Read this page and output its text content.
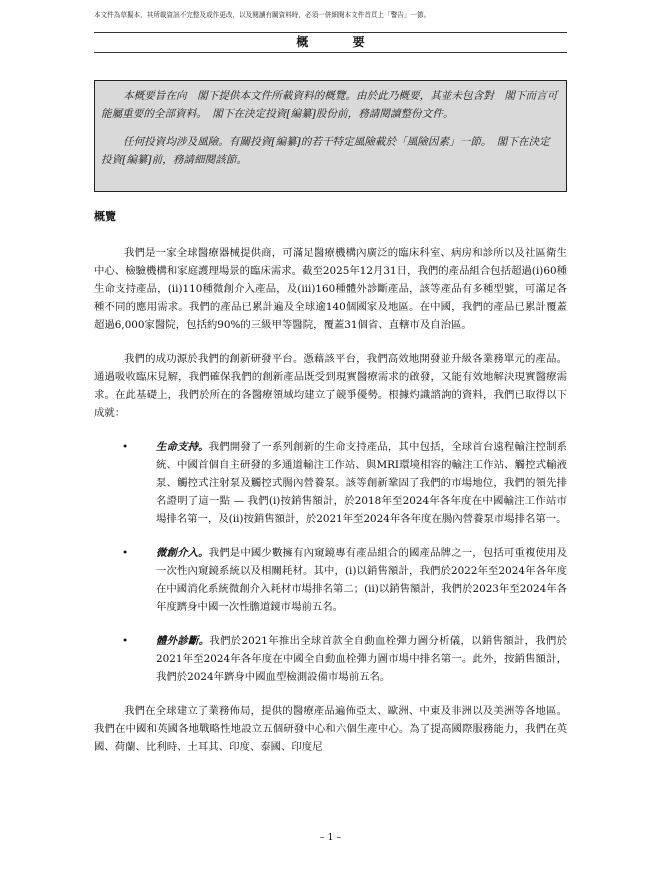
本文件為草擬本，其所載資訊不完整及或作更改，以及閱讀有關資料時，必須一併細閱本文件首頁上「警告」一節。
概 要

本概要旨在向　閣下提供本文件所載資料的概覽。由於此乃概要，其並未包含對　閣下而言可能屬重要的全部資料。　閣下在決定投資[編纂]股份前，務請閱讀整份文件。

任何投資均涉及風險。有關投資[編纂]的若干特定風險載於「風險因素」一節。　閣下在決定投資[編纂]前，務請細閱該節。

概覽

我們是一家全球醫療器械提供商，可滿足醫療機構內廣泛的臨床科室、病房和診所以及社區衛生中心、檢驗機構和家庭護理場景的臨床需求。截至2025年12月31日，我們的產品組合包括超過(i)60種生命支持產品，(ii)110種微創介入產品，及(iii)160種體外診斷產品，該等產品有多種型號，可滿足各種不同的應用需求。我們的產品已累計遍及全球逾140個國家及地區。在中國，我們的產品已累計覆蓋超過6,000家醫院，包括約90%的三級甲等醫院，覆蓋31個省、直轄市及自治區。

我們的成功源於我們的創新研發平台。憑藉該平台，我們高效地開發並升級各業務單元的產品。通過吸收臨床見解，我們確保我們的創新產品既受到現實醫療需求的啟發，又能有效地解決現實醫療需求。在此基礎上，我們於所在的各醫療領域均建立了競爭優勢。根據灼識諮詢的資料，我們已取得以下成就：

•	生命支持。我們開發了一系列創新的生命支持產品，其中包括，全球首台遠程輸注控制系統、中國首個自主研發的多通道輸注工作站、與MRI環境相容的輸注工作站、觸控式輸液泵、觸控式注射泵及觸控式腸內營養泵。該等創新鞏固了我們的市場地位，我們的領先排名證明了這一點 — 我們(i)按銷售額計，於2018年至2024年各年度在中國輸注工作站市場排名第一，及(ii)按銷售額計，於2021年至2024年各年度在腸內營養泵市場排名第一。
•	微創介入。我們是中國少數擁有內窺鏡專有產品組合的國產品牌之一，包括可重複使用及一次性內窺鏡系統以及相關耗材。其中，(i)以銷售額計，我們於2022年至2024年各年度在中國消化系統微創介入耗材市場排名第二；(ii)以銷售額計，我們於2023年至2024年各年度躋身中國一次性膽道鏡市場前五名。
•	體外診斷。我們於2021年推出全球首款全自動血栓彈力圖分析儀，以銷售額計，我們於2021年至2024年各年度在中國全自動血栓彈力圖市場中排名第一。此外，按銷售額計，我們於2024年躋身中國血型檢測設備市場前五名。

我們在全球建立了業務佈局，提供的醫療產品遍佈亞太、歐洲、中東及非洲以及美洲等各地區。我們在中國和英國各地戰略性地設立五個研發中心和六個生產中心。為了提高國際服務能力，我們在英國、荷蘭、比利時、土耳其、印度、泰國、印度尼

– 1 –
